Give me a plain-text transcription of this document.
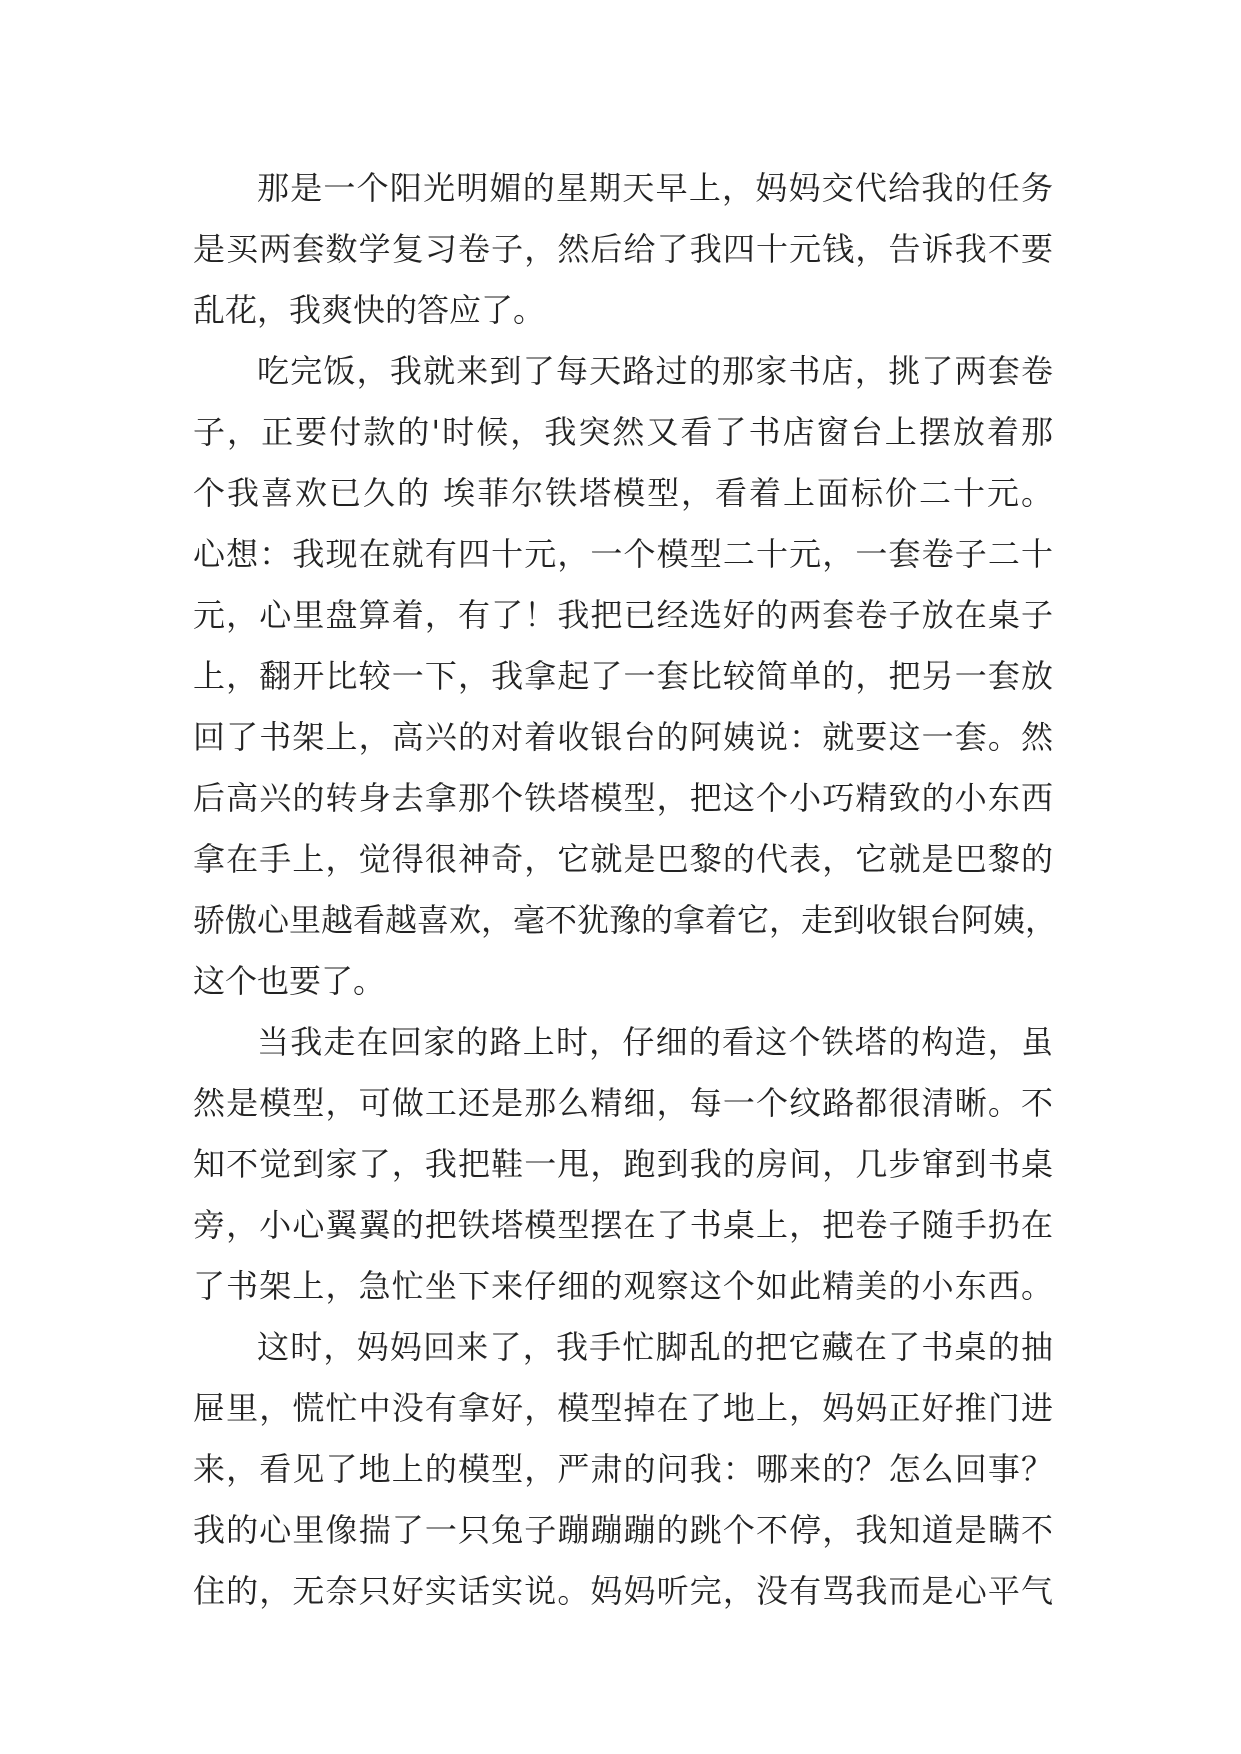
那是一个阳光明媚的星期天早上，妈妈交代给我的任务
是买两套数学复习卷子，然后给了我四十元钱，告诉我不要
乱花，我爽快的答应了。
吃完饭，我就来到了每天路过的那家书店，挑了两套卷
子，正要付款的'时候，我突然又看了书店窗台上摆放着那
个我喜欢已久的 埃菲尔铁塔模型，看着上面标价二十元。
心想：我现在就有四十元，一个模型二十元，一套卷子二十
元，心里盘算着，有了！我把已经选好的两套卷子放在桌子
上，翻开比较一下，我拿起了一套比较简单的，把另一套放
回了书架上，高兴的对着收银台的阿姨说：就要这一套。然
后高兴的转身去拿那个铁塔模型，把这个小巧精致的小东西
拿在手上，觉得很神奇，它就是巴黎的代表，它就是巴黎的
骄傲心里越看越喜欢，毫不犹豫的拿着它，走到收银台阿姨，
这个也要了。
当我走在回家的路上时，仔细的看这个铁塔的构造，虽
然是模型，可做工还是那么精细，每一个纹路都很清晰。不
知不觉到家了，我把鞋一甩，跑到我的房间，几步窜到书桌
旁，小心翼翼的把铁塔模型摆在了书桌上，把卷子随手扔在
了书架上，急忙坐下来仔细的观察这个如此精美的小东西。
这时，妈妈回来了，我手忙脚乱的把它藏在了书桌的抽
屉里，慌忙中没有拿好，模型掉在了地上，妈妈正好推门进
来，看见了地上的模型，严肃的问我：哪来的？怎么回事？
我的心里像揣了一只兔子蹦蹦蹦的跳个不停，我知道是瞒不
住的，无奈只好实话实说。妈妈听完，没有骂我而是心平气
